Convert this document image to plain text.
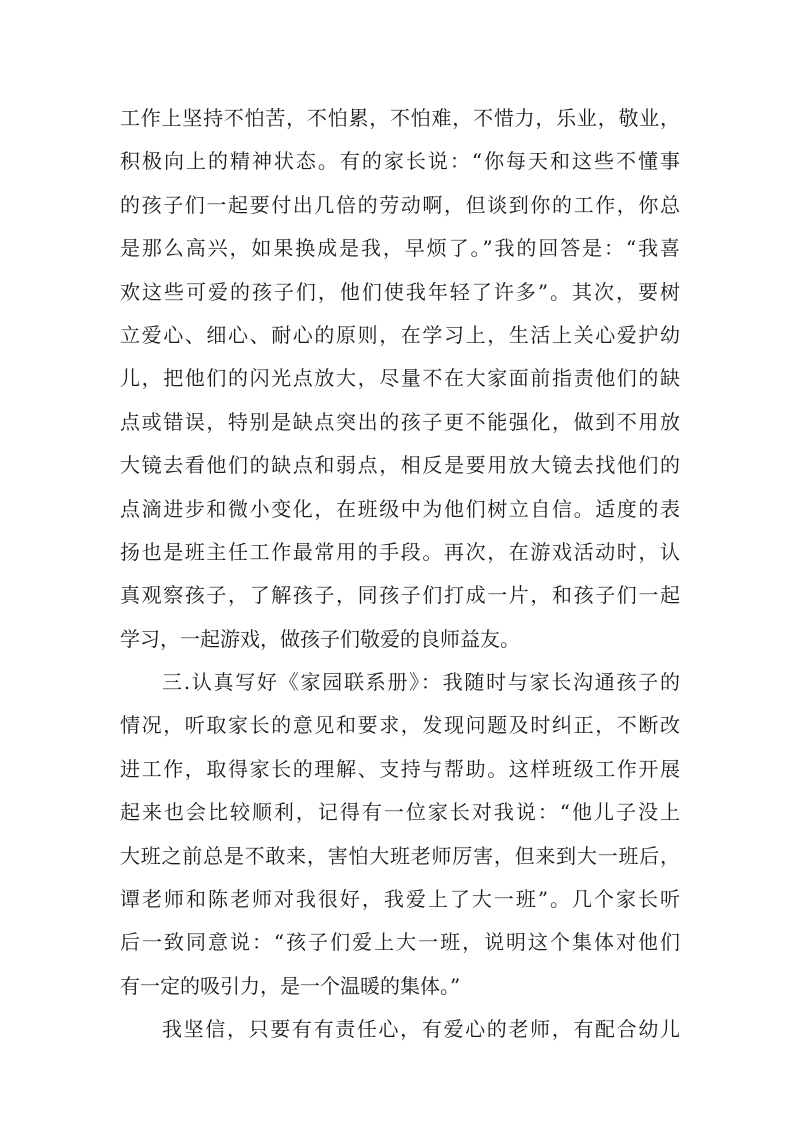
工作上坚持不怕苦，不怕累，不怕难，不惜力，乐业，敬业，
积极向上的精神状态。有的家长说：“你每天和这些不懂事
的孩子们一起要付出几倍的劳动啊，但谈到你的工作，你总
是那么高兴，如果换成是我，早烦了。”我的回答是：“我喜
欢这些可爱的孩子们，他们使我年轻了许多”。其次，要树
立爱心、细心、耐心的原则，在学习上，生活上关心爱护幼
儿，把他们的闪光点放大，尽量不在大家面前指责他们的缺
点或错误，特别是缺点突出的孩子更不能强化，做到不用放
大镜去看他们的缺点和弱点，相反是要用放大镜去找他们的
点滴进步和微小变化，在班级中为他们树立自信。适度的表
扬也是班主任工作最常用的手段。再次，在游戏活动时，认
真观察孩子，了解孩子，同孩子们打成一片，和孩子们一起
学习，一起游戏，做孩子们敬爱的良师益友。
三.认真写好《家园联系册》：我随时与家长沟通孩子的
情况，听取家长的意见和要求，发现问题及时纠正，不断改
进工作，取得家长的理解、支持与帮助。这样班级工作开展
起来也会比较顺利，记得有一位家长对我说：“他儿子没上
大班之前总是不敢来，害怕大班老师厉害，但来到大一班后，
谭老师和陈老师对我很好，我爱上了大一班”。几个家长听
后一致同意说：“孩子们爱上大一班，说明这个集体对他们
有一定的吸引力，是一个温暖的集体。”
我坚信，只要有有责任心，有爱心的老师，有配合幼儿
